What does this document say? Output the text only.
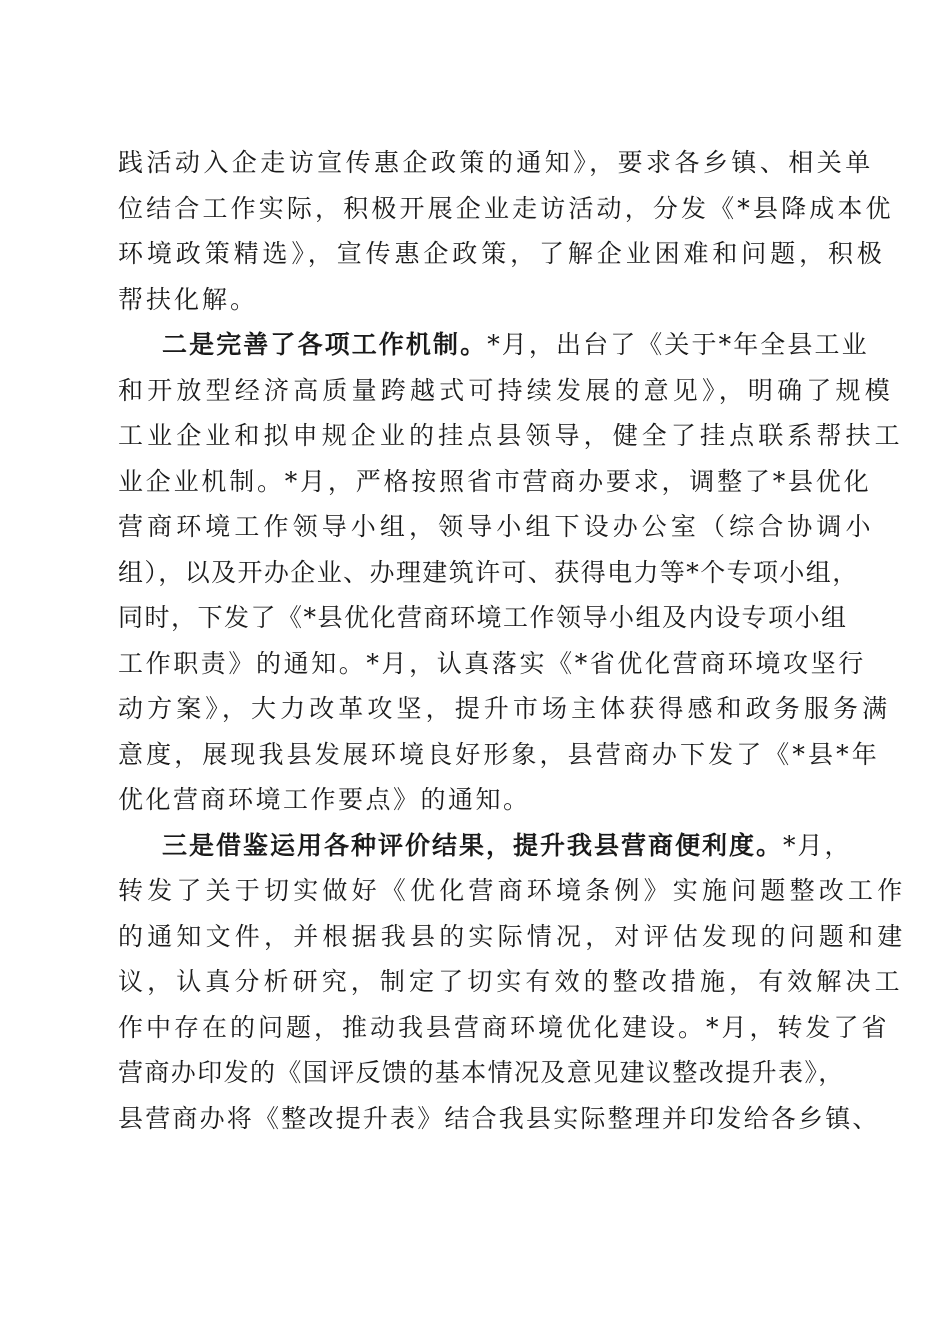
践活动入企走访宣传惠企政策的通知》，要求各乡镇、相关单
位结合工作实际，积极开展企业走访活动，分发《*县降成本优
环境政策精选》，宣传惠企政策，了解企业困难和问题，积极
帮扶化解。
二是完善了各项工作机制。*月，出台了《关于*年全县工业
和开放型经济高质量跨越式可持续发展的意见》，明确了规模
工业企业和拟申规企业的挂点县领导，健全了挂点联系帮扶工
业企业机制。*月，严格按照省市营商办要求，调整了*县优化
营商环境工作领导小组，领导小组下设办公室（综合协调小
组），以及开办企业、办理建筑许可、获得电力等*个专项小组，
同时，下发了《*县优化营商环境工作领导小组及内设专项小组
工作职责》的通知。*月，认真落实《*省优化营商环境攻坚行
动方案》，大力改革攻坚，提升市场主体获得感和政务服务满
意度，展现我县发展环境良好形象，县营商办下发了《*县*年
优化营商环境工作要点》的通知。
三是借鉴运用各种评价结果，提升我县营商便利度。*月，
转发了关于切实做好《优化营商环境条例》实施问题整改工作
的通知文件，并根据我县的实际情况，对评估发现的问题和建
议，认真分析研究，制定了切实有效的整改措施，有效解决工
作中存在的问题，推动我县营商环境优化建设。*月，转发了省
营商办印发的《国评反馈的基本情况及意见建议整改提升表》，
县营商办将《整改提升表》结合我县实际整理并印发给各乡镇、
